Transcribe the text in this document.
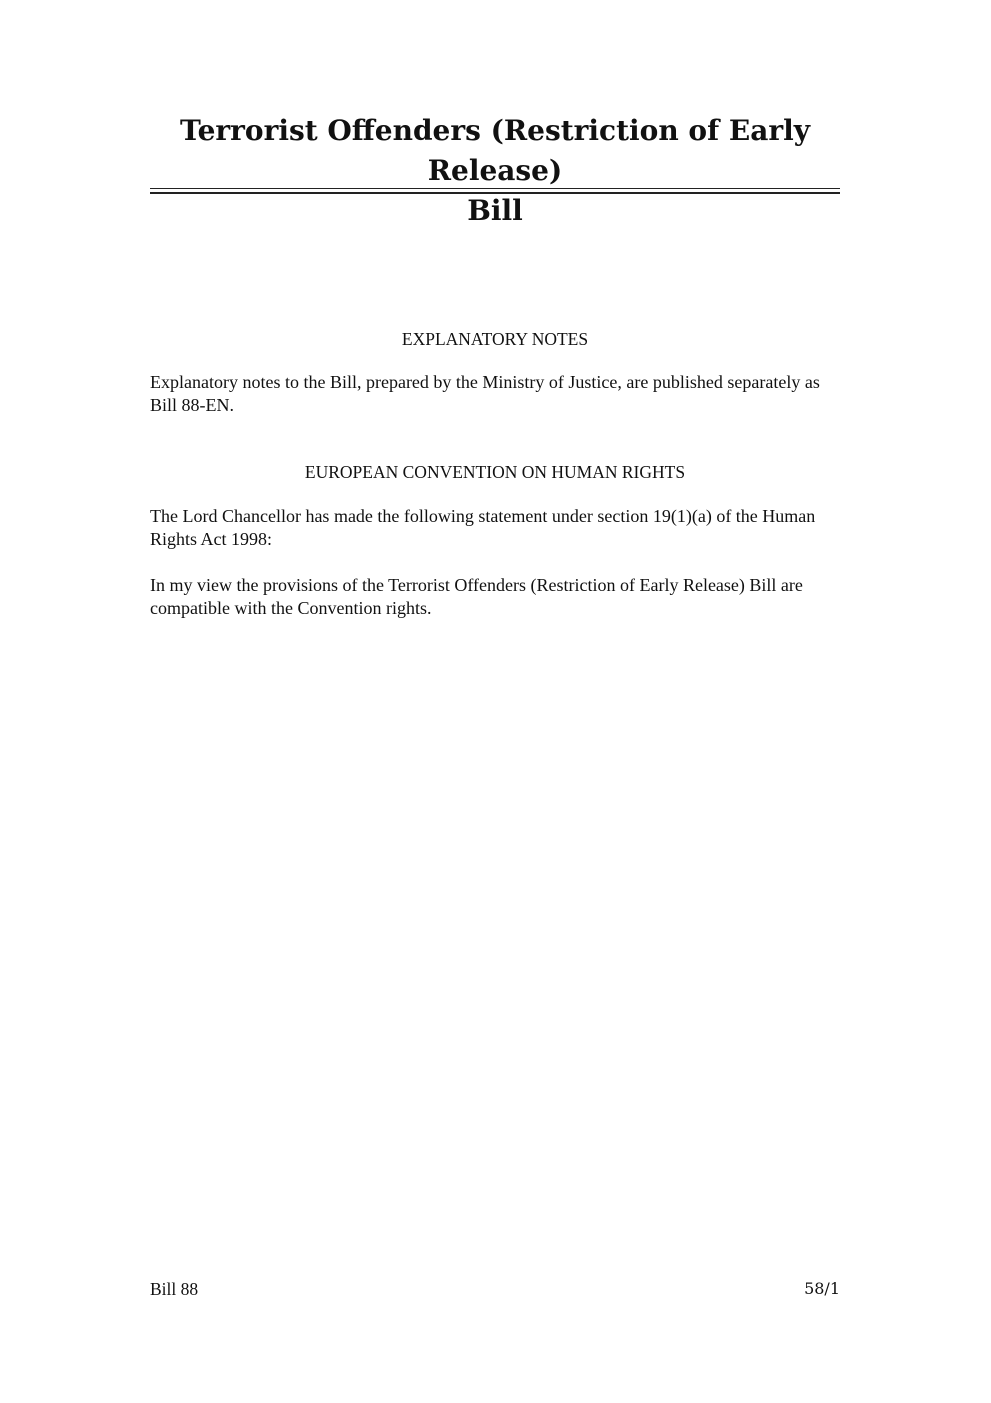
Terrorist Offenders (Restriction of Early Release)
Bill
EXPLANATORY NOTES

Explanatory notes to the Bill, prepared by the Ministry of Justice, are published separately as Bill 88-EN.

EUROPEAN CONVENTION ON HUMAN RIGHTS

The Lord Chancellor has made the following statement under section 19(1)(a) of the Human Rights Act 1998:

In my view the provisions of the Terrorist Offenders (Restriction of Early Release) Bill are compatible with the Convention rights.

Bill 88	58/1
